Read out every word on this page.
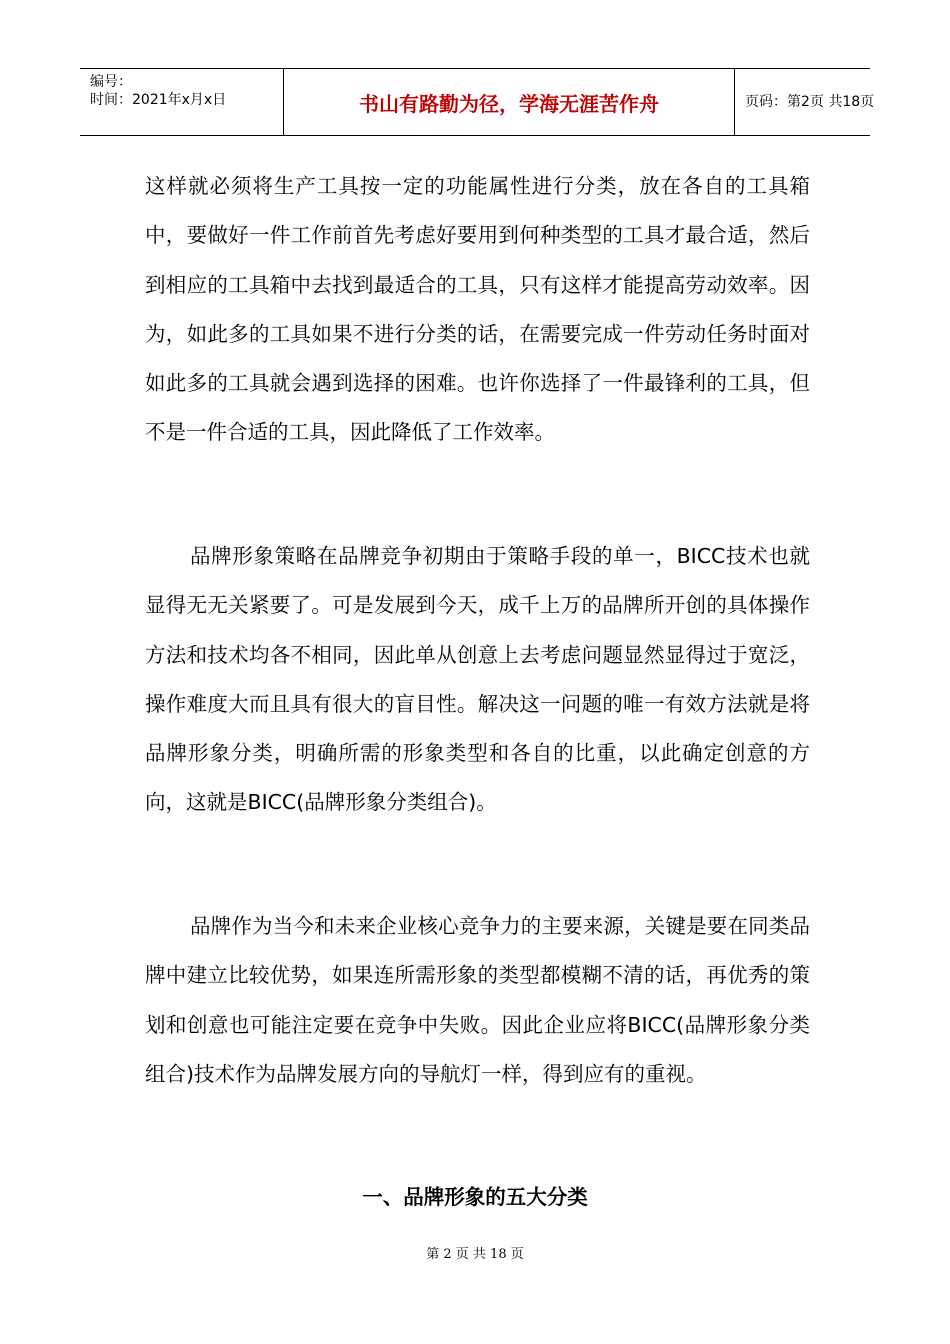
编号：
时间：2021年x月x日	书山有路勤为径，学海无涯苦作舟	页码：第2页 共18页

这样就必须将生产工具按一定的功能属性进行分类，放在各自的工具箱中，要做好一件工作前首先考虑好要用到何种类型的工具才最合适，然后到相应的工具箱中去找到最适合的工具，只有这样才能提高劳动效率。因为，如此多的工具如果不进行分类的话，在需要完成一件劳动任务时面对如此多的工具就会遇到选择的困难。也许你选择了一件最锋利的工具，但不是一件合适的工具，因此降低了工作效率。

品牌形象策略在品牌竞争初期由于策略手段的单一，BICC技术也就显得无无关紧要了。可是发展到今天，成千上万的品牌所开创的具体操作方法和技术均各不相同，因此单从创意上去考虑问题显然显得过于宽泛，操作难度大而且具有很大的盲目性。解决这一问题的唯一有效方法就是将品牌形象分类，明确所需的形象类型和各自的比重，以此确定创意的方向，这就是BICC(品牌形象分类组合)。

品牌作为当今和未来企业核心竞争力的主要来源，关键是要在同类品牌中建立比较优势，如果连所需形象的类型都模糊不清的话，再优秀的策划和创意也可能注定要在竞争中失败。因此企业应将BICC(品牌形象分类组合)技术作为品牌发展方向的导航灯一样，得到应有的重视。

一、品牌形象的五大分类

第 2 页 共 18 页
